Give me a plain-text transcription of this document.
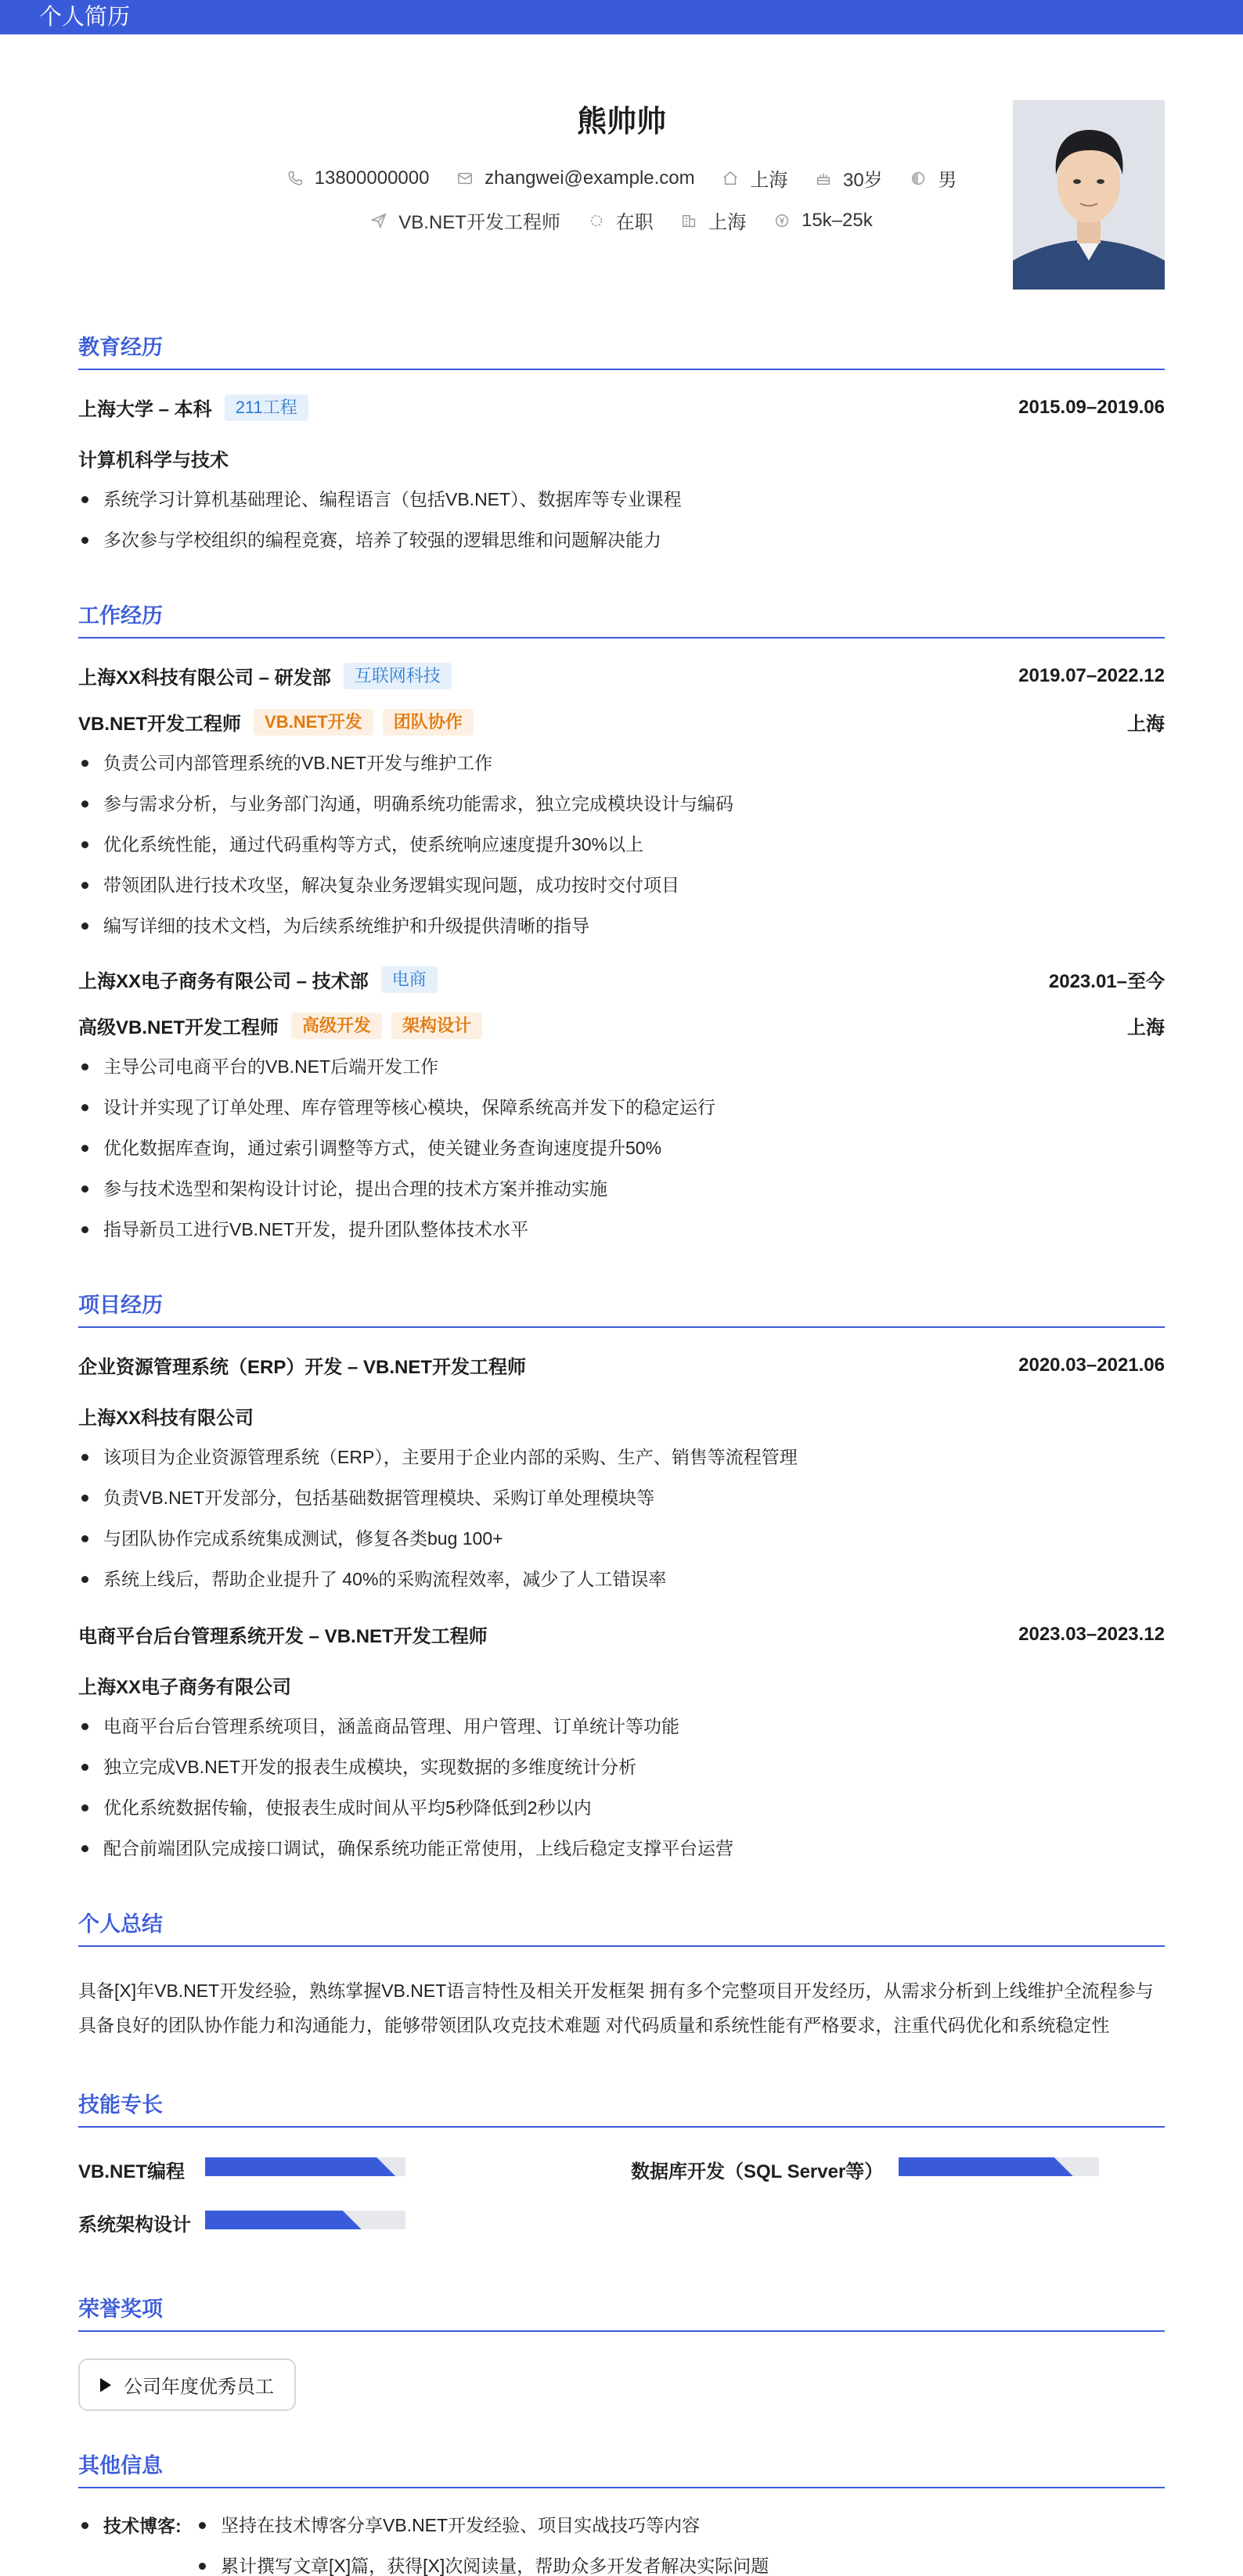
个人简历
熊帅帅
13800000000
	zhangwei@example.com
	上海
	30岁
	男
VB.NET开发工程师
	在职
	上海
	15k–25k
教育经历
上海大学 – 本科	211工程	2015.09–2019.06
计算机科学与技术
系统学习计算机基础理论、编程语言（包括VB.NET）、数据库等专业课程
多次参与学校组织的编程竞赛，培养了较强的逻辑思维和问题解决能力
工作经历
上海XX科技有限公司 – 研发部	互联网科技	2019.07–2022.12
VB.NET开发工程师	VB.NET开发	团队协作	上海
负责公司内部管理系统的VB.NET开发与维护工作
参与需求分析，与业务部门沟通，明确系统功能需求，独立完成模块设计与编码
优化系统性能，通过代码重构等方式，使系统响应速度提升30%以上
带领团队进行技术攻坚，解决复杂业务逻辑实现问题，成功按时交付项目
编写详细的技术文档，为后续系统维护和升级提供清晰的指导
上海XX电子商务有限公司 – 技术部	电商	2023.01–至今
高级VB.NET开发工程师	高级开发	架构设计	上海
主导公司电商平台的VB.NET后端开发工作
设计并实现了订单处理、库存管理等核心模块，保障系统高并发下的稳定运行
优化数据库查询，通过索引调整等方式，使关键业务查询速度提升50%
参与技术选型和架构设计讨论，提出合理的技术方案并推动实施
指导新员工进行VB.NET开发，提升团队整体技术水平
项目经历
企业资源管理系统（ERP）开发 – VB.NET开发工程师	2020.03–2021.06
上海XX科技有限公司
该项目为企业资源管理系统（ERP），主要用于企业内部的采购、生产、销售等流程管理
负责VB.NET开发部分，包括基础数据管理模块、采购订单处理模块等
与团队协作完成系统集成测试，修复各类bug 100+
系统上线后，帮助企业提升了 40%的采购流程效率，减少了人工错误率
电商平台后台管理系统开发 – VB.NET开发工程师	2023.03–2023.12
上海XX电子商务有限公司
电商平台后台管理系统项目，涵盖商品管理、用户管理、订单统计等功能
独立完成VB.NET开发的报表生成模块，实现数据的多维度统计分析
优化系统数据传输，使报表生成时间从平均5秒降低到2秒以内
配合前端团队完成接口调试，确保系统功能正常使用，上线后稳定支撑平台运营
个人总结
具备[X]年VB.NET开发经验，熟练掌握VB.NET语言特性及相关开发框架 拥有多个完整项目开发经历，从需求分析到上线维护全流程参与 具备良好的团队协作能力和沟通能力，能够带领团队攻克技术难题 对代码质量和系统性能有严格要求，注重代码优化和系统稳定性
技能专长
VB.NET编程	数据库开发（SQL Server等）
系统架构设计
荣誉奖项
公司年度优秀员工
其他信息
技术博客:	坚持在技术博客分享VB.NET开发经验、项目实战技巧等内容
累计撰写文章[X]篇，获得[X]次阅读量，帮助众多开发者解决实际问题
